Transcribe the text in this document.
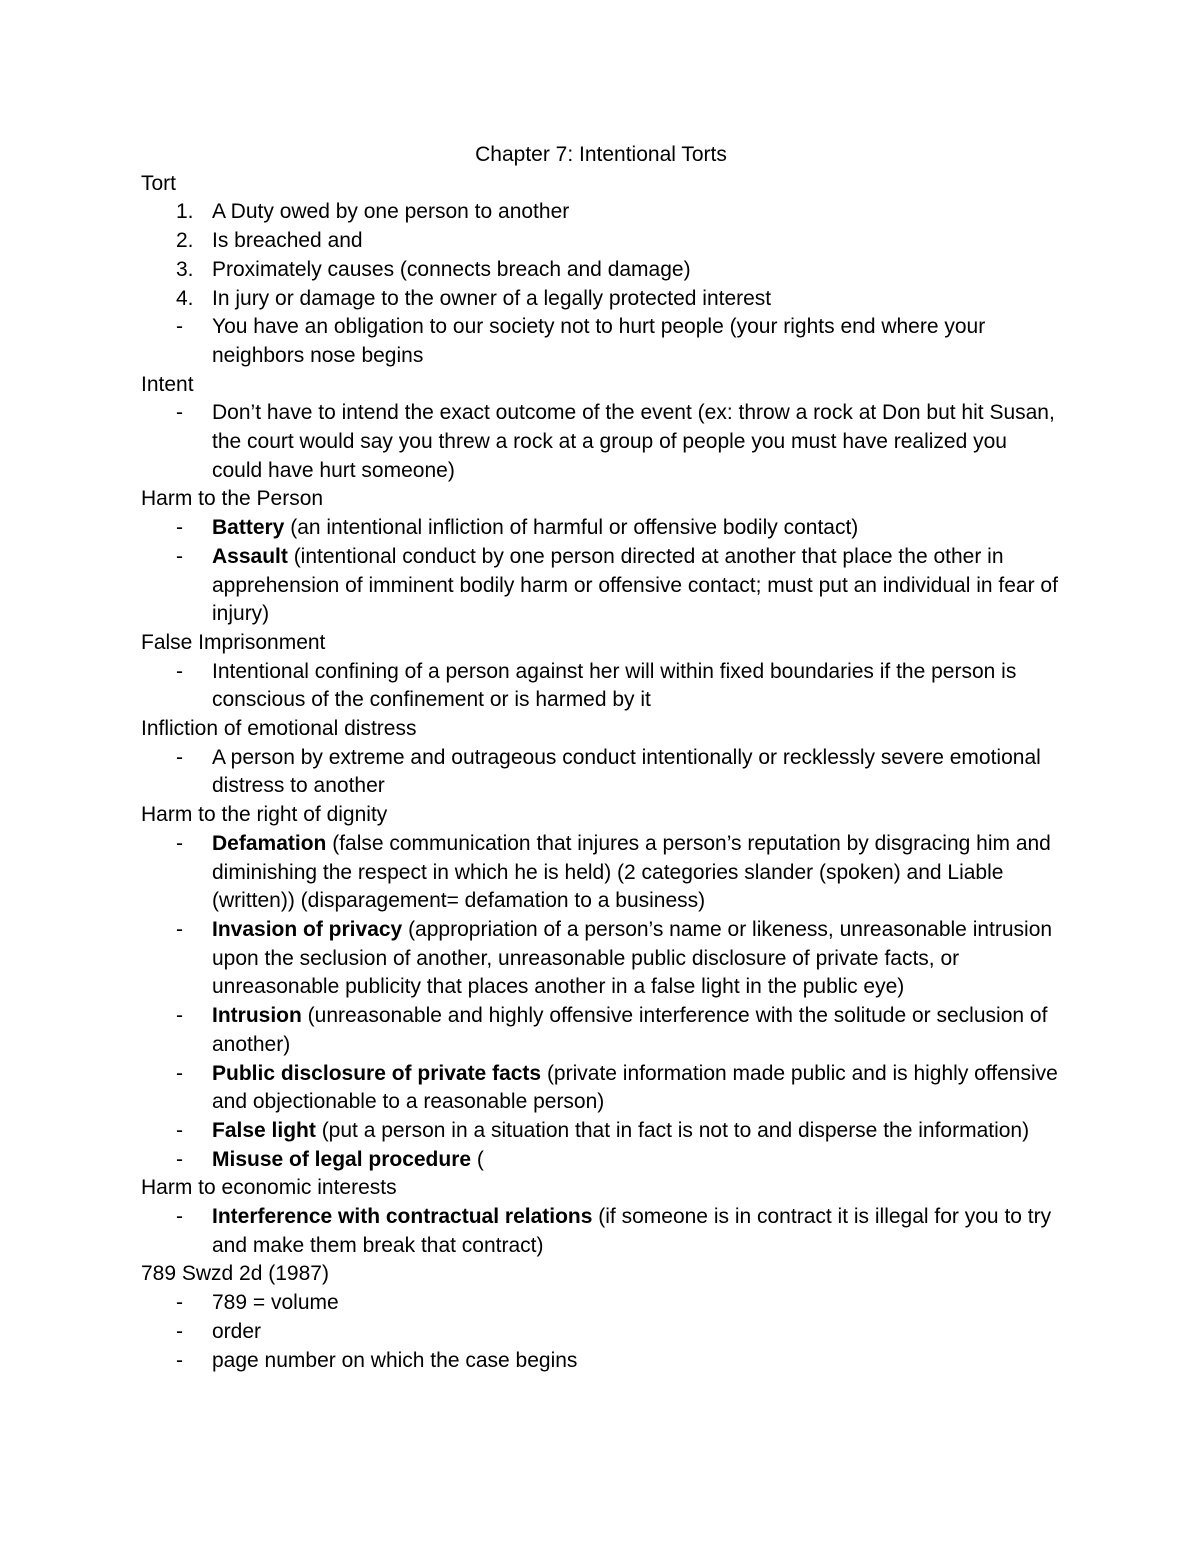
Chapter 7: Intentional Torts
Tort
1. A Duty owed by one person to another
2. Is breached and
3. Proximately causes (connects breach and damage)
4. In jury or damage to the owner of a legally protected interest
- You have an obligation to our society not to hurt people (your rights end where your neighbors nose begins
Intent
- Don’t have to intend the exact outcome of the event (ex: throw a rock at Don but hit Susan, the court would say you threw a rock at a group of people you must have realized you could have hurt someone)
Harm to the Person
- Battery (an intentional infliction of harmful or offensive bodily contact)
- Assault (intentional conduct by one person directed at another that place the other in apprehension of imminent bodily harm or offensive contact; must put an individual in fear of injury)
False Imprisonment
- Intentional confining of a person against her will within fixed boundaries if the person is conscious of the confinement or is harmed by it
Infliction of emotional distress
- A person by extreme and outrageous conduct intentionally or recklessly severe emotional distress to another
Harm to the right of dignity
- Defamation (false communication that injures a person’s reputation by disgracing him and diminishing the respect in which he is held) (2 categories slander (spoken) and Liable (written)) (disparagement= defamation to a business)
- Invasion of privacy (appropriation of a person’s name or likeness, unreasonable intrusion upon the seclusion of another, unreasonable public disclosure of private facts, or unreasonable publicity that places another in a false light in the public eye)
- Intrusion (unreasonable and highly offensive interference with the solitude or seclusion of another)
- Public disclosure of private facts (private information made public and is highly offensive and objectionable to a reasonable person)
- False light (put a person in a situation that in fact is not to and disperse the information)
- Misuse of legal procedure (
Harm to economic interests
- Interference with contractual relations (if someone is in contract it is illegal for you to try and make them break that contract)
789 Swzd 2d (1987)
- 789 = volume
- order
- page number on which the case begins
